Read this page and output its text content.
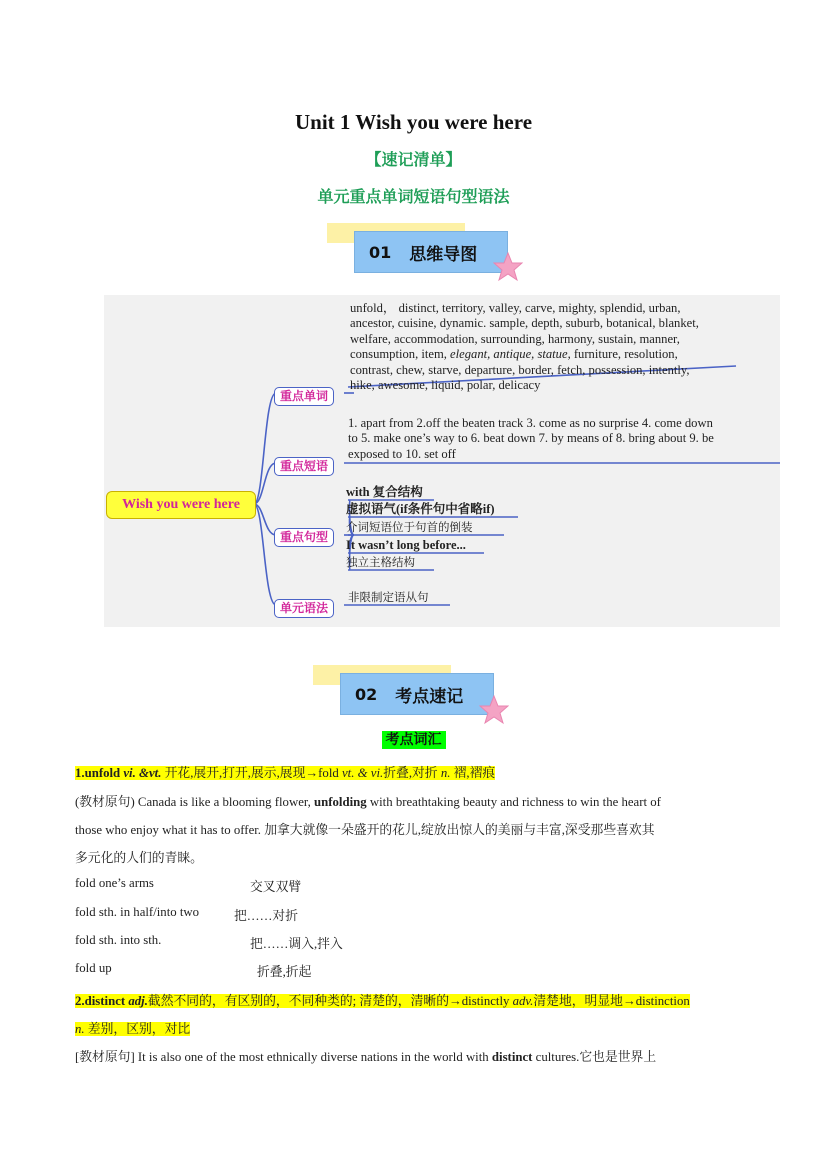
Unit 1 Wish you were here
【速记清单】
单元重点单词短语句型语法
01 思维导图
Wish you were here
重点单词
重点短语
重点句型
单元语法
unfold， distinct, territory, valley, carve, mighty, splendid, urban,
ancestor, cuisine, dynamic. sample, depth, suburb, botanical, blanket,
welfare, accommodation, surrounding, harmony, sustain, manner,
consumption, item, elegant, antique, statue, furniture, resolution,
contrast, chew, starve, departure, border, fetch, possession, intently,
hike, awesome, liquid, polar, delicacy
1. apart from 2.off the beaten track 3. come as no surprise 4. come down
to 5. make one’s way to 6. beat down 7. by means of 8. bring about 9. be
exposed to 10. set off
with 复合结构
虚拟语气(if条件句中省略if)
介词短语位于句首的倒装
It wasn’t long before...
独立主格结构
非限制定语从句
02 考点速记
考点词汇
1.unfold vi. &vt. 开花,展开,打开,展示,展现→fold vt. & vi.折叠,对折 n. 褶,褶痕
(教材原句) Canada is like a blooming flower, unfolding with breathtaking beauty and richness to win the heart of
those who enjoy what it has to offer. 加拿大就像一朵盛开的花儿,绽放出惊人的美丽与丰富,深受那些喜欢其
多元化的人们的青睐。
fold one’s arms	交叉双臂
fold sth. in half/into two	把……对折
fold sth. into sth.	把……调入,拌入
fold up	折叠,折起
2.distinct adj.截然不同的，有区别的，不同种类的; 清楚的，清晰的→distinctly adv.清楚地，明显地→distinction
n. 差别，区别，对比
[教材原句] It is also one of the most ethnically diverse nations in the world with distinct cultures.它也是世界上
